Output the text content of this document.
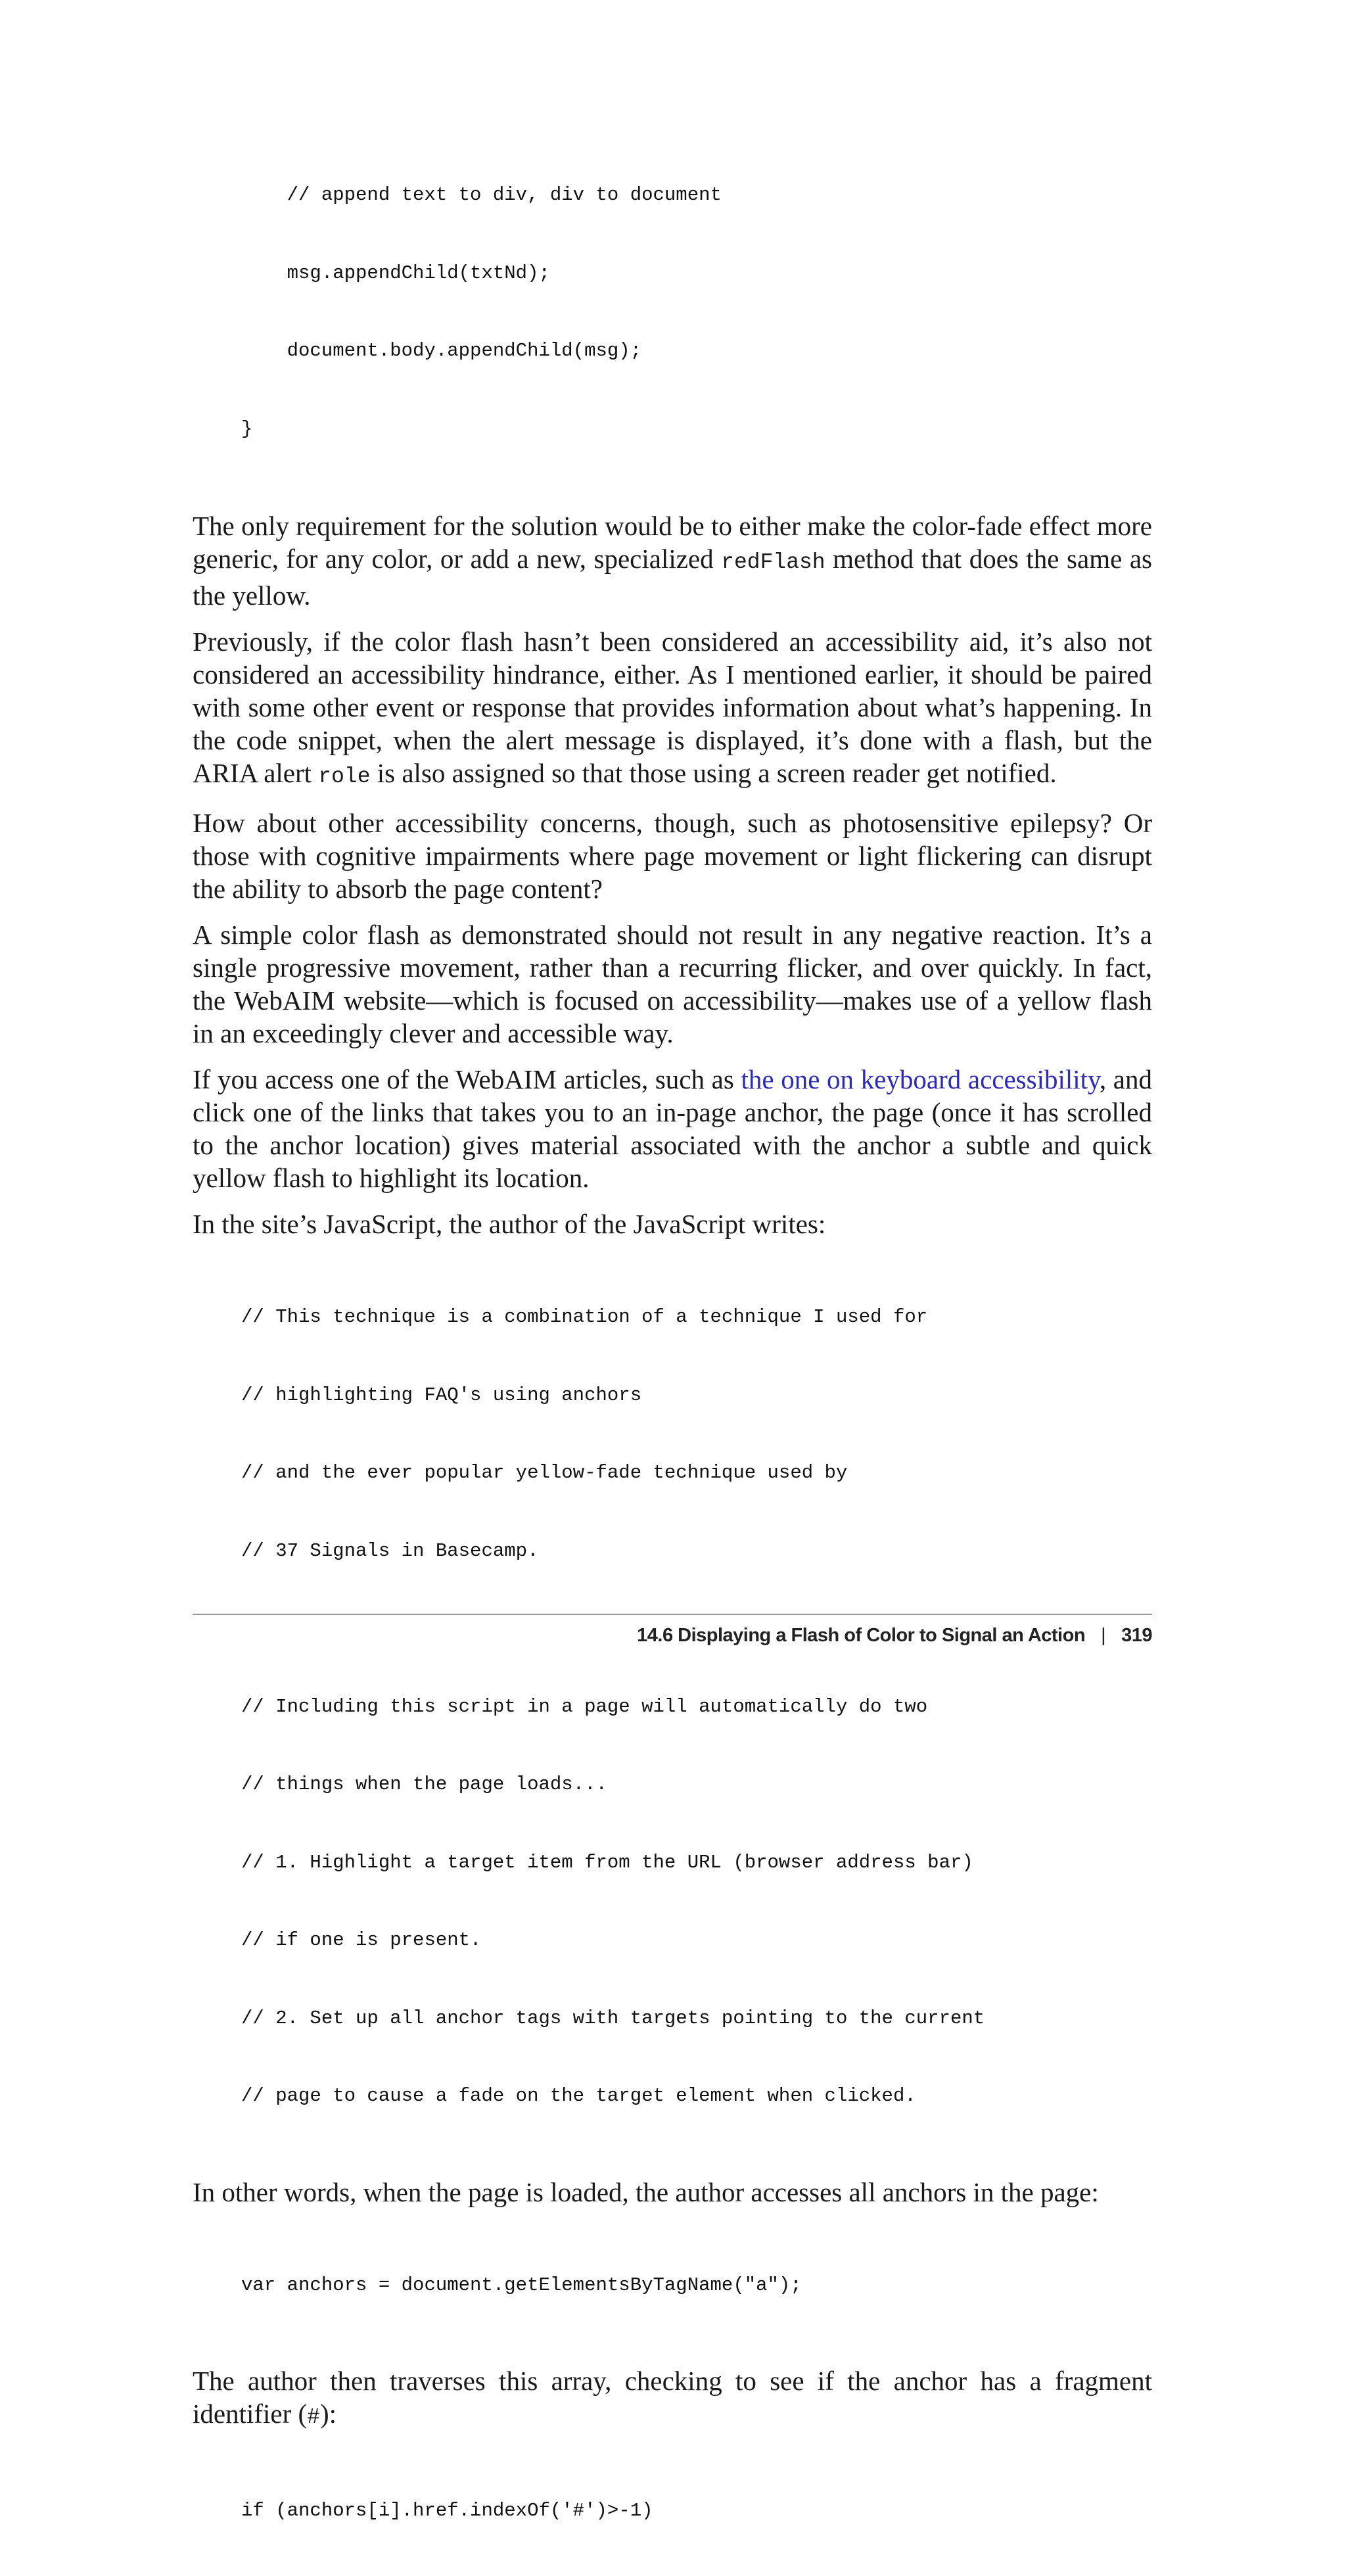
// append text to div, div to document

msg.appendChild(txtNd);

document.body.appendChild(msg);

}

The only requirement for the solution would be to either make the color-fade effect more generic, for any color, or add a new, specialized redFlash method that does the same as the yellow.

Previously, if the color flash hasn’t been considered an accessibility aid, it’s also not considered an accessibility hindrance, either. As I mentioned earlier, it should be paired with some other event or response that provides information about what’s happening. In the code snippet, when the alert message is displayed, it’s done with a flash, but the ARIA alert role is also assigned so that those using a screen reader get notified.

How about other accessibility concerns, though, such as photosensitive epilepsy? Or those with cognitive impairments where page movement or light flickering can disrupt the ability to absorb the page content?

A simple color flash as demonstrated should not result in any negative reaction. It’s a single progressive movement, rather than a recurring flicker, and over quickly. In fact, the WebAIM website—which is focused on accessibility—makes use of a yellow flash in an exceedingly clever and accessible way.

If you access one of the WebAIM articles, such as the one on keyboard accessibility, and click one of the links that takes you to an in-page anchor, the page (once it has scrolled to the anchor location) gives material associated with the anchor a subtle and quick yellow flash to highlight its location.

In the site’s JavaScript, the author of the JavaScript writes:

// This technique is a combination of a technique I used for

// highlighting FAQ's using anchors

// and the ever popular yellow-fade technique used by

// 37 Signals in Basecamp.

// Including this script in a page will automatically do two

// things when the page loads...

// 1. Highlight a target item from the URL (browser address bar)

// if one is present.

// 2. Set up all anchor tags with targets pointing to the current

// page to cause a fade on the target element when clicked.

In other words, when the page is loaded, the author accesses all anchors in the page:

var anchors = document.getElementsByTagName("a");

The author then traverses this array, checking to see if the anchor has a fragment identifier (#):

if (anchors[i].href.indexOf('#')>-1)

14.6 Displaying a Flash of Color to Signal an Action | 319
